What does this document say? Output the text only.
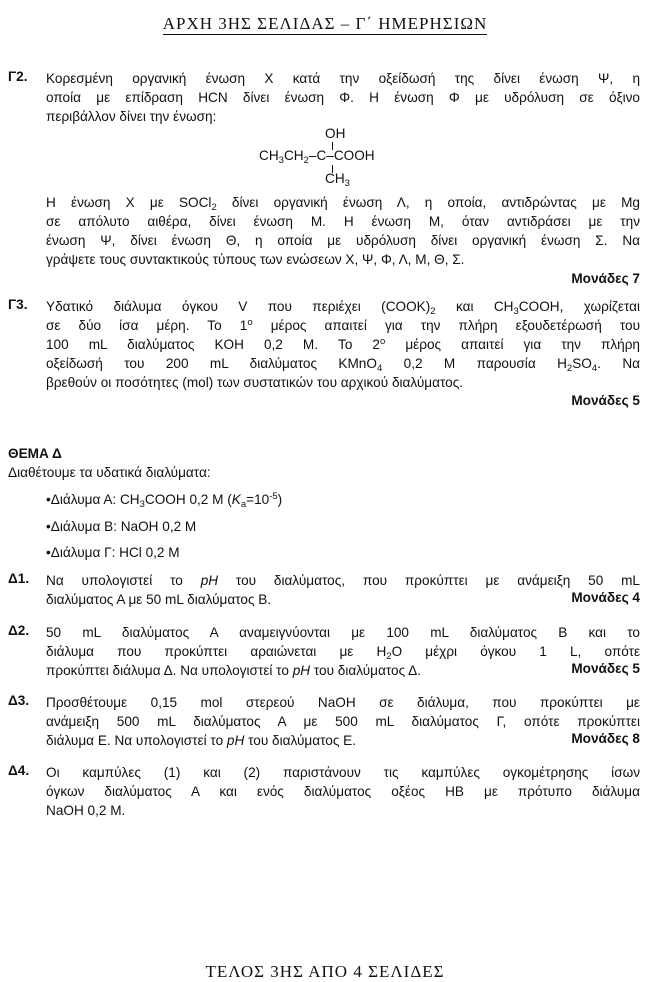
ΑΡΧΗ 3ΗΣ ΣΕΛΙΔΑΣ – Γ΄ ΗΜΕΡΗΣΙΩΝ
Γ2. Κορεσμένη οργανική ένωση Χ κατά την οξείδωσή της δίνει ένωση Ψ, η
οποία με επίδραση HCN δίνει ένωση Φ. Η ένωση Φ με υδρόλυση σε όξινο
περιβάλλον δίνει την ένωση:
OH
$CH_3CH_2-C$–COOH
$CH_3$
Η ένωση Χ με SOCl$_2$ δίνει οργανική ένωση Λ, η οποία, αντιδρώντας με Mg
σε απόλυτο αιθέρα, δίνει ένωση Μ. Η ένωση Μ, όταν αντιδράσει με την
ένωση Ψ, δίνει ένωση Θ, η οποία με υδρόλυση δίνει οργανική ένωση Σ. Να
γράψετε τους συντακτικούς τύπους των ενώσεων Χ, Ψ, Φ, Λ, Μ, Θ, Σ.
Μονάδες 7
Γ3. Υδατικό διάλυμα όγκου V που περιέχει $(COOK)_2$ και $CH_3COOH$, χωρίζεται
σε δύο ίσα μέρη. Το $1^o$ μέρος απαιτεί για την πλήρη εξουδετέρωσή του
100 mL διαλύματος KOH 0,2 M. Το $2^o$ μέρος απαιτεί για την πλήρη
οξείδωσή του 200 mL διαλύματος KMnO$_4$ 0,2 M παρουσία $H_2SO_4$. Να
βρεθούν οι ποσότητες (mol) των συστατικών του αρχικού διαλύματος.
Μονάδες 5
ΘΕΜΑ Δ
Διαθέτουμε τα υδατικά διαλύματα:
•Διάλυμα Α: $CH_3COOH$ 0,2 M $(K_a=10^{-5})$
•Διάλυμα Β: NaOH 0,2 M
•Διάλυμα Γ: HCl 0,2 M
Δ1. Να υπολογιστεί το pH του διαλύματος, που προκύπτει με ανάμειξη 50 mL
διαλύματος Α με 50 mL διαλύματος Β.	Μονάδες 4
Δ2. 50 mL διαλύματος Α αναμειγνύονται με 100 mL διαλύματος Β και το
διάλυμα που προκύπτει αραιώνεται με $H_2O$ μέχρι όγκου 1 L, οπότε
προκύπτει διάλυμα Δ. Να υπολογιστεί το pH του διαλύματος Δ.	Μονάδες 5
Δ3. Προσθέτουμε 0,15 mol στερεού NaOH σε διάλυμα, που προκύπτει με
ανάμειξη 500 mL διαλύματος Α με 500 mL διαλύματος Γ, οπότε προκύπτει
διάλυμα Ε. Να υπολογιστεί το pH του διαλύματος Ε.	Μονάδες 8
Δ4. Οι καμπύλες (1) και (2) παριστάνουν τις καμπύλες ογκομέτρησης ίσων
όγκων διαλύματος Α και ενός διαλύματος οξέος ΗΒ με πρότυπο διάλυμα
NaOH 0,2 M.
ΤΕΛΟΣ 3ΗΣ ΑΠΟ 4 ΣΕΛΙΔΕΣ
